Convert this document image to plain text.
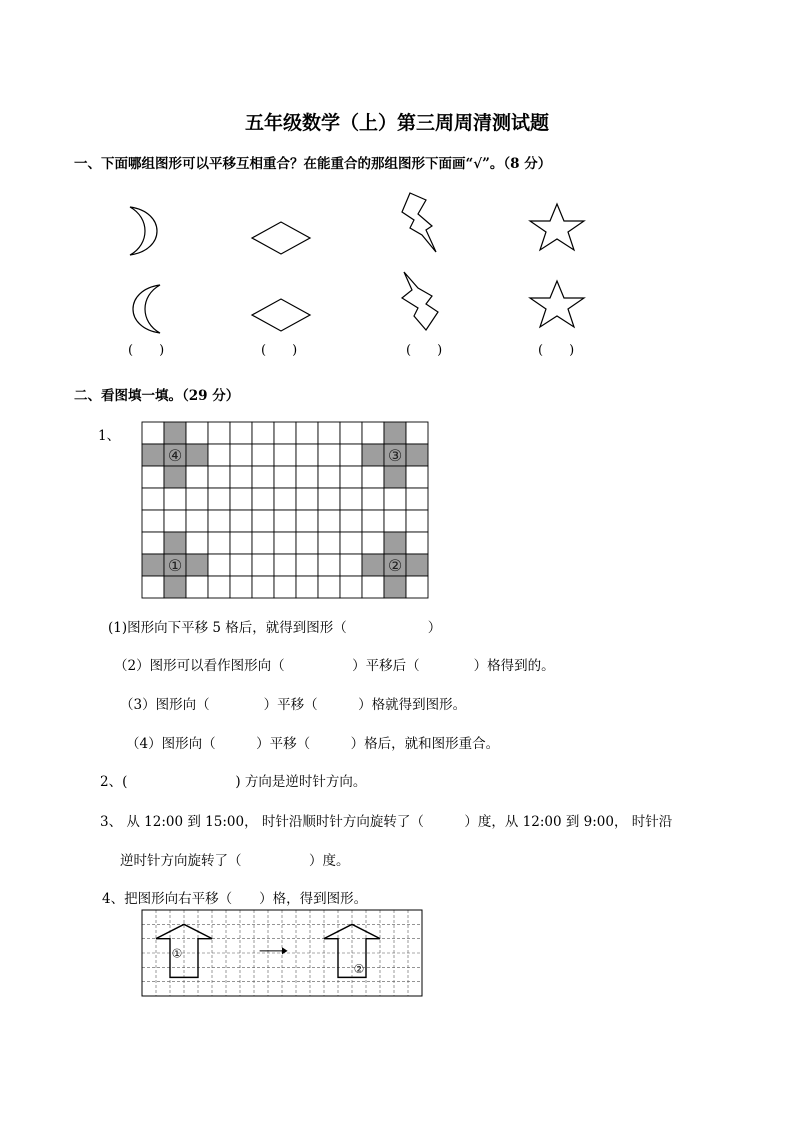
五年级数学（上）第三周周清测试题
一、下面哪组图形可以平移互相重合？在能重合的那组图形下面画“√”。（8 分）
(　　)	(　　)	(　　)	(　　)
二、看图填一填。（29 分）
1、
①	②
③
④
(1)图形向下平移 5 格后，就得到图形（　　　　　　）
（2）图形可以看作图形向（　　　　　）平移后（　　　　）格得到的。
（3）图形向（　　　　）平移（　　　）格就得到图形。
（4）图形向（　　　）平移（　　　）格后，就和图形重合。
2、(　　　　　　　　) 方向是逆时针方向。
3、 从 12:00 到 15:00， 时针沿顺时针方向旋转了（　　　）度，从 12:00 到 9:00， 时针沿
逆时针方向旋转了（　　　　　）度。
4、把图形向右平移（　　）格，得到图形。
①
②
